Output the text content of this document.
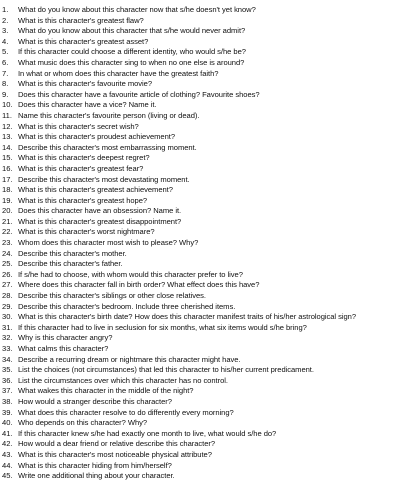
1.	What do you know about this character now that s/he doesn't yet know?
2.	What is this character's greatest flaw?
3.	What do you know about this character that s/he would never admit?
4.	What is this character's greatest asset?
5.	If this character could choose a different identity, who would s/he be?
6.	What music does this character sing to when no one else is around?
7.	In what or whom does this character have the greatest faith?
8.	What is this character's favourite movie?
9.	Does this character have a favourite article of clothing? Favourite shoes?
10. Does this character have a vice? Name it.
11. Name this character's favourite person (living or dead).
12. What is this character's secret wish?
13. What is this character's proudest achievement?
14. Describe this character's most embarrassing moment.
15. What is this character's deepest regret?
16. What is this character's greatest fear?
17. Describe this character's most devastating moment.
18. What is this character's greatest achievement?
19. What is this character's greatest hope?
20. Does this character have an obsession? Name it.
21. What is this character's greatest disappointment?
22. What is this character's worst nightmare?
23. Whom does this character most wish to please? Why?
24. Describe this character's mother.
25. Describe this character's father.
26. If s/he had to choose, with whom would this character prefer to live?
27. Where does this character fall in birth order? What effect does this have?
28. Describe this character's siblings or other close relatives.
29. Describe this character's bedroom. Include three cherished items.
30. What is this character's birth date? How does this character manifest traits of his/her astrological sign?
31. If this character had to live in seclusion for six months, what six items would s/he bring?
32. Why is this character angry?
33. What calms this character?
34. Describe a recurring dream or nightmare this character might have.
35. List the choices (not circumstances) that led this character to his/her current predicament.
36. List the circumstances over which this character has no control.
37. What wakes this character in the middle of the night?
38. How would a stranger describe this character?
39. What does this character resolve to do differently every morning?
40. Who depends on this character? Why?
41. If this character knew s/he had exactly one month to live, what would s/he do?
42. How would a dear friend or relative describe this character?
43. What is this character's most noticeable physical attribute?
44. What is this character hiding from him/herself?
45. Write one additional thing about your character.
